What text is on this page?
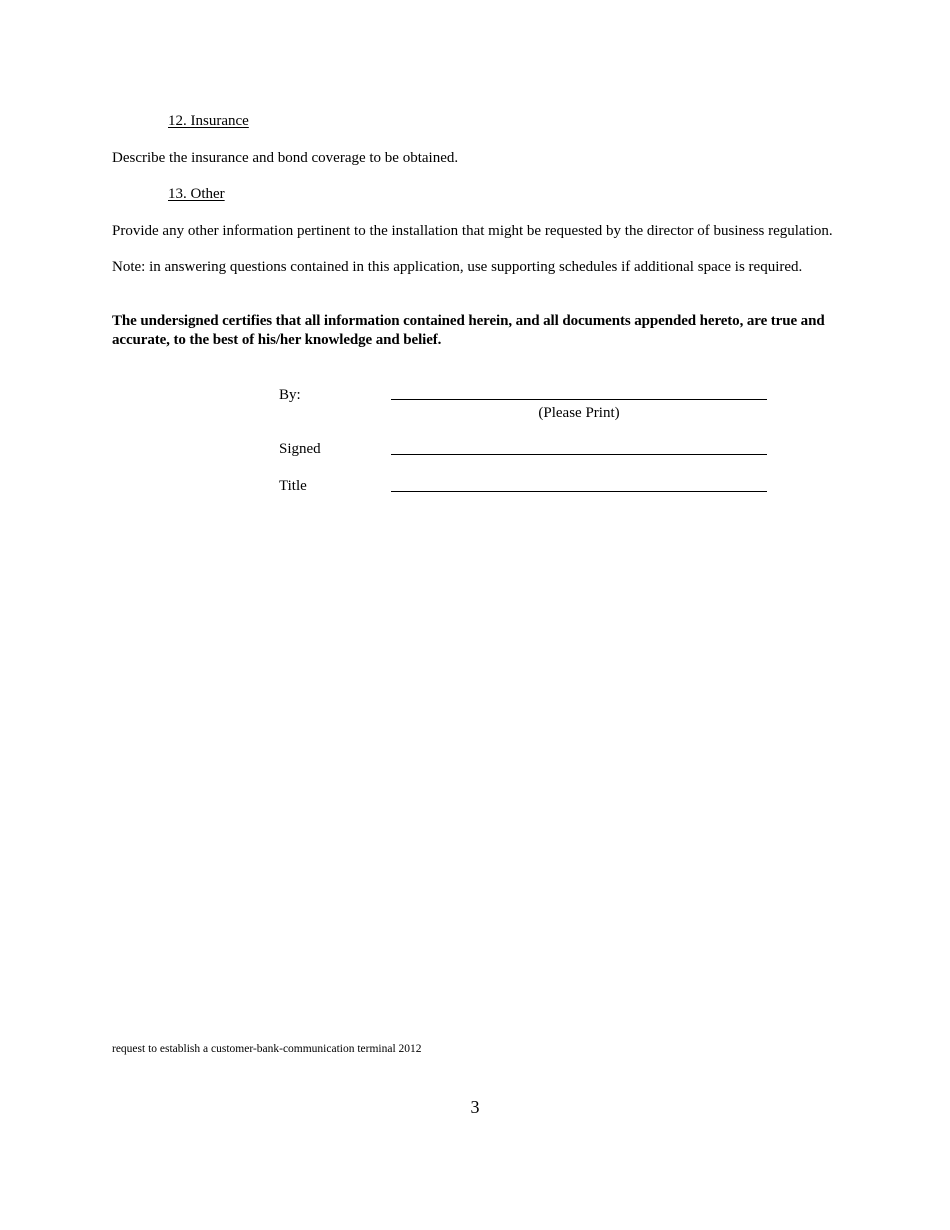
12. Insurance
Describe the insurance and bond coverage to be obtained.
13. Other
Provide any other information pertinent to the installation that might be requested by the director of business regulation.
Note: in answering questions contained in this application, use supporting schedules if additional space is required.
The undersigned certifies that all information contained herein, and all documents appended hereto, are true and accurate, to the best of his/her knowledge and belief.
By:
(Please Print)
Signed
Title
request to establish a customer-bank-communication terminal 2012
3
